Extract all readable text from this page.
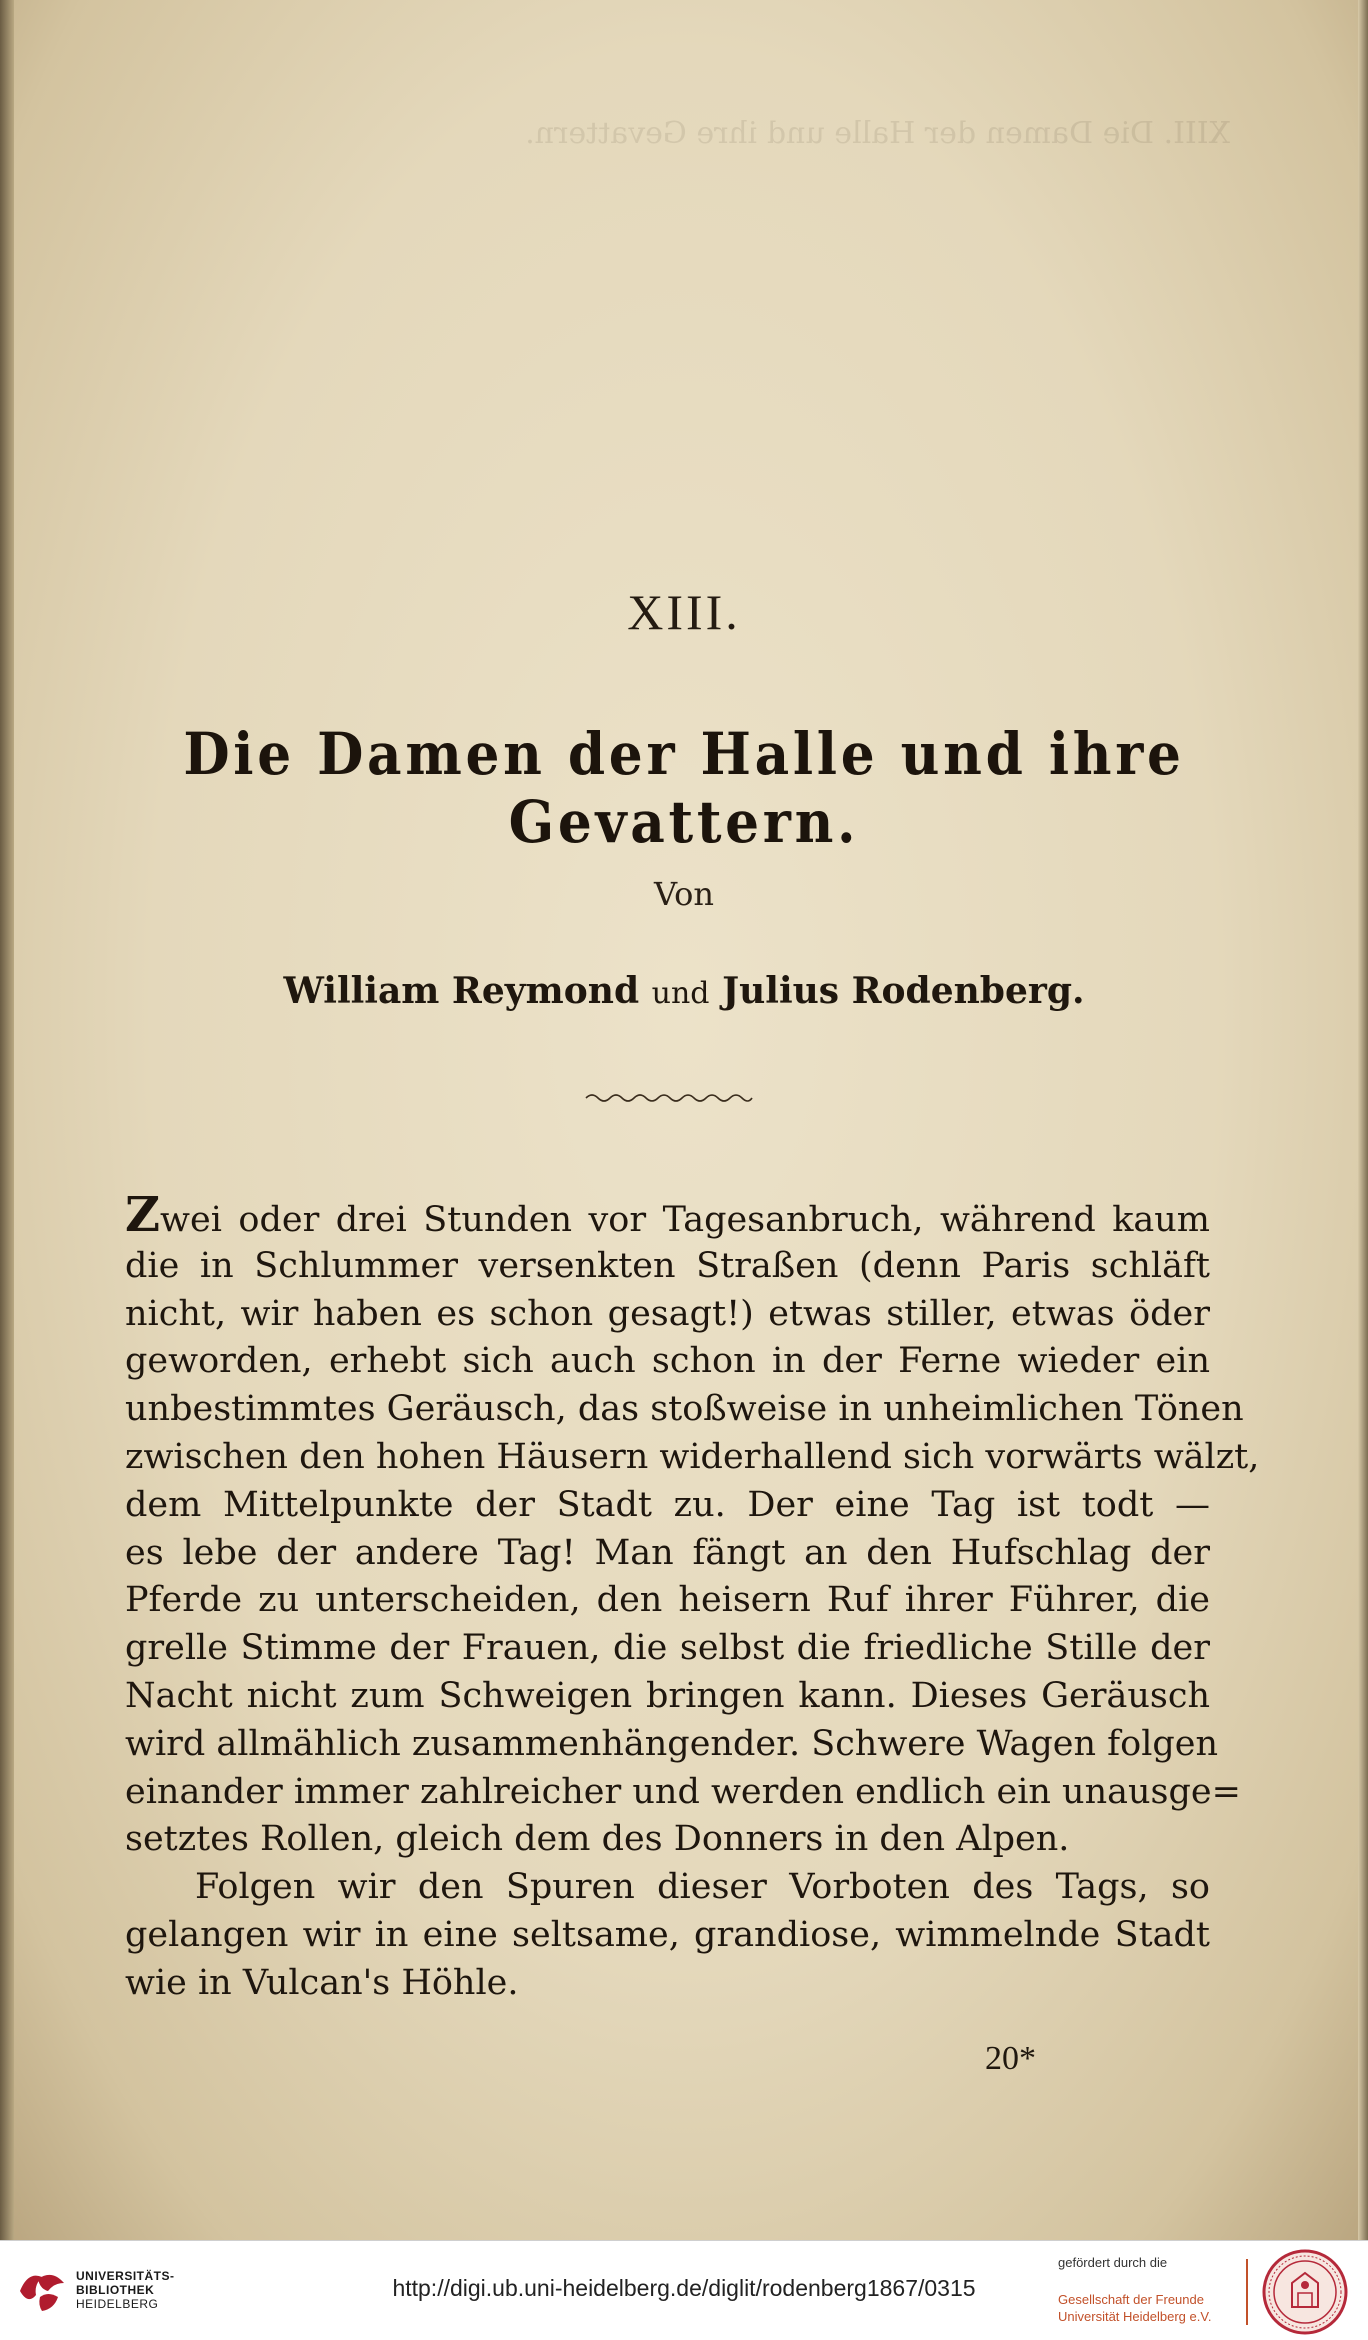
XIII. Die Damen der Halle und ihre Gevattern.
XIII.
Die Damen der Halle und ihre Gevattern.
Von
William Reymond und Julius Rodenberg.
Zwei oder drei Stunden vor Tagesanbruch, während kaum
die in Schlummer versenkten Straßen (denn Paris schläft
nicht, wir haben es schon gesagt!) etwas stiller, etwas öder
geworden, erhebt sich auch schon in der Ferne wieder ein
unbestimmtes Geräusch, das stoßweise in unheimlichen Tönen
zwischen den hohen Häusern widerhallend sich vorwärts wälzt,
dem Mittelpunkte der Stadt zu. Der eine Tag ist todt —
es lebe der andere Tag! Man fängt an den Hufschlag der
Pferde zu unterscheiden, den heisern Ruf ihrer Führer, die
grelle Stimme der Frauen, die selbst die friedliche Stille der
Nacht nicht zum Schweigen bringen kann. Dieses Geräusch
wird allmählich zusammenhängender. Schwere Wagen folgen
einander immer zahlreicher und werden endlich ein unausge=
setztes Rollen, gleich dem des Donners in den Alpen.
Folgen wir den Spuren dieser Vorboten des Tags, so
gelangen wir in eine seltsame, grandiose, wimmelnde Stadt
wie in Vulcan's Höhle.
20*
UNIVERSITÄTS-
BIBLIOTHEK
HEIDELBERG
http://digi.ub.uni-heidelberg.de/diglit/rodenberg1867/0315
gefördert durch die
Gesellschaft der Freunde
Universität Heidelberg e.V.
